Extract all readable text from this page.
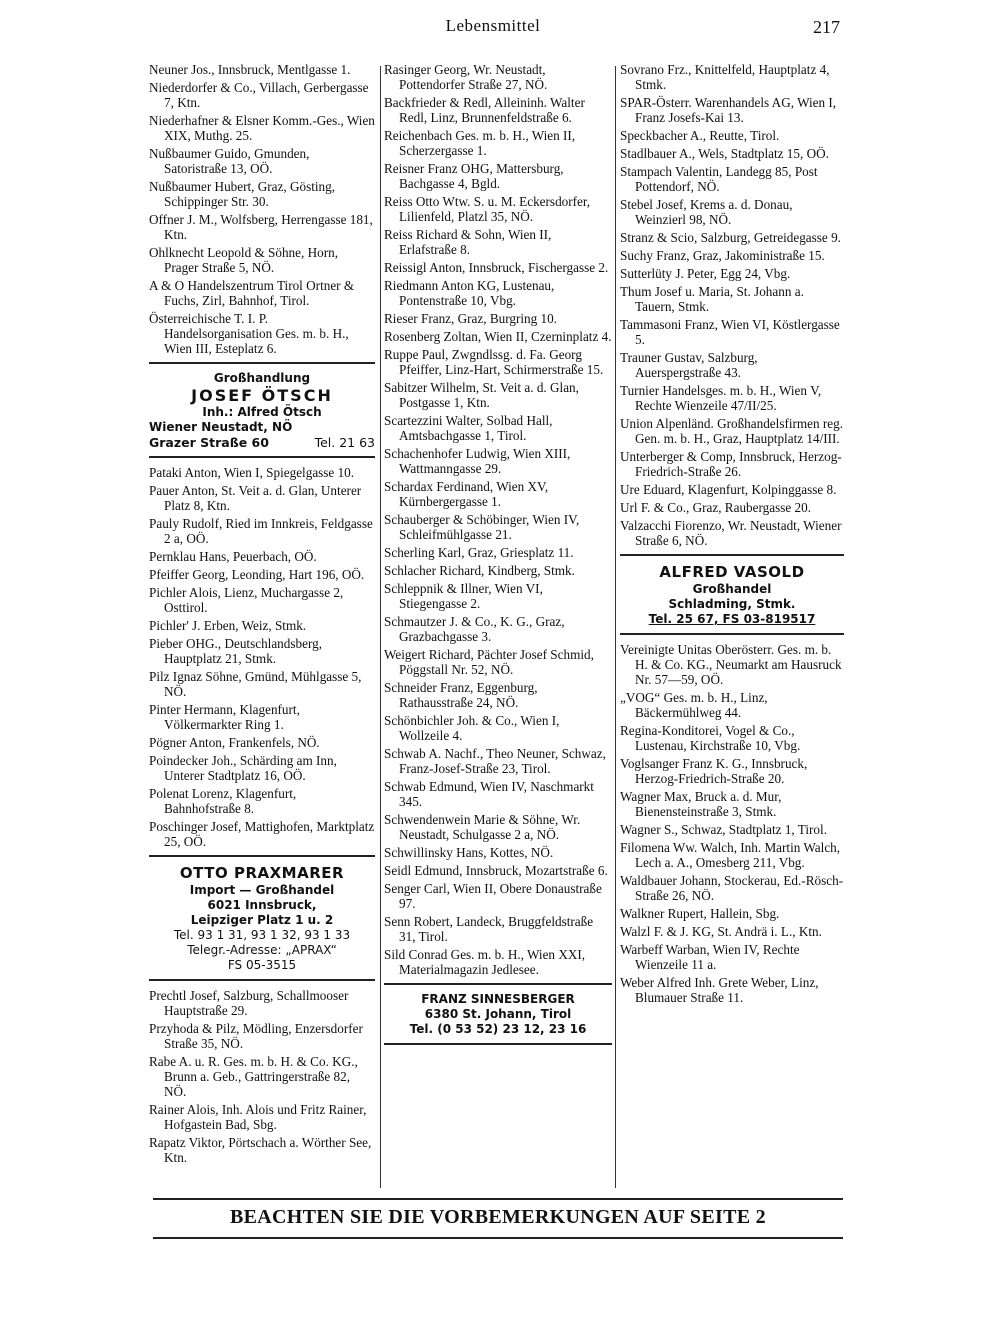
Lebensmittel	217
Neuner Jos., Innsbruck, Mentlgasse 1.
Niederdorfer & Co., Villach, Gerbergasse 7, Ktn.
Niederhafner & Elsner Komm.-Ges., Wien XIX, Muthg. 25.
Nußbaumer Guido, Gmunden, Satoristraße 13, OÖ.
Nußbaumer Hubert, Graz, Gösting, Schippinger Str. 30.
Offner J. M., Wolfsberg, Herrengasse 181, Ktn.
Ohlknecht Leopold & Söhne, Horn, Prager Straße 5, NÖ.
A & O Handelszentrum Tirol Ortner & Fuchs, Zirl, Bahnhof, Tirol.
Österreichische T. I. P. Handelsorganisation Ges. m. b. H., Wien III, Esteplatz 6.
Großhandlung
JOSEF ÖTSCH
Inh.: Alfred Ötsch
Wiener Neustadt, NÖ
Grazer Straße 60	Tel. 21 63
Pataki Anton, Wien I, Spiegelgasse 10.
Pauer Anton, St. Veit a. d. Glan, Unterer Platz 8, Ktn.
Pauly Rudolf, Ried im Innkreis, Feldgasse 2 a, OÖ.
Pernklau Hans, Peuerbach, OÖ.
Pfeiffer Georg, Leonding, Hart 196, OÖ.
Pichler Alois, Lienz, Muchargasse 2, Osttirol.
Pichler' J. Erben, Weiz, Stmk.
Pieber OHG., Deutschlandsberg, Hauptplatz 21, Stmk.
Pilz Ignaz Söhne, Gmünd, Mühlgasse 5, NÖ.
Pinter Hermann, Klagenfurt, Völkermarkter Ring 1.
Pögner Anton, Frankenfels, NÖ.
Poindecker Joh., Schärding am Inn, Unterer Stadtplatz 16, OÖ.
Polenat Lorenz, Klagenfurt, Bahnhofstraße 8.
Poschinger Josef, Mattighofen, Marktplatz 25, OÖ.
OTTO PRAXMARER
Import — Großhandel
6021 Innsbruck,
Leipziger Platz 1 u. 2
Tel. 93 1 31, 93 1 32, 93 1 33
Telegr.-Adresse: „APRAX“
FS 05-3515
Prechtl Josef, Salzburg, Schallmooser Hauptstraße 29.
Przyhoda & Pilz, Mödling, Enzersdorfer Straße 35, NÖ.
Rabe A. u. R. Ges. m. b. H. & Co. KG., Brunn a. Geb., Gattringerstraße 82, NÖ.
Rainer Alois, Inh. Alois und Fritz Rainer, Hofgastein Bad, Sbg.
Rapatz Viktor, Pörtschach a. Wörther See, Ktn.
Rasinger Georg, Wr. Neustadt, Pottendorfer Straße 27, NÖ.
Backfrieder & Redl, Alleininh. Walter Redl, Linz, Brunnenfeldstraße 6.
Reichenbach Ges. m. b. H., Wien II, Scherzergasse 1.
Reisner Franz OHG, Mattersburg, Bachgasse 4, Bgld.
Reiss Otto Wtw. S. u. M. Eckersdorfer, Lilienfeld, Platzl 35, NÖ.
Reiss Richard & Sohn, Wien II, Erlafstraße 8.
Reissigl Anton, Innsbruck, Fischergasse 2.
Riedmann Anton KG, Lustenau, Pontenstraße 10, Vbg.
Rieser Franz, Graz, Burgring 10.
Rosenberg Zoltan, Wien II, Czerninplatz 4.
Ruppe Paul, Zwgndlssg. d. Fa. Georg Pfeiffer, Linz-Hart, Schirmerstraße 15.
Sabitzer Wilhelm, St. Veit a. d. Glan, Postgasse 1, Ktn.
Scartezzini Walter, Solbad Hall, Amtsbachgasse 1, Tirol.
Schachenhofer Ludwig, Wien XIII, Wattmanngasse 29.
Schardax Ferdinand, Wien XV, Kürnbergergasse 1.
Schauberger & Schöbinger, Wien IV, Schleifmühlgasse 21.
Scherling Karl, Graz, Griesplatz 11.
Schlacher Richard, Kindberg, Stmk.
Schleppnik & Illner, Wien VI, Stiegengasse 2.
Schmautzer J. & Co., K. G., Graz, Grazbachgasse 3.
Weigert Richard, Pächter Josef Schmid, Pöggstall Nr. 52, NÖ.
Schneider Franz, Eggenburg, Rathausstraße 24, NÖ.
Schönbichler Joh. & Co., Wien I, Wollzeile 4.
Schwab A. Nachf., Theo Neuner, Schwaz, Franz-Josef-Straße 23, Tirol.
Schwab Edmund, Wien IV, Naschmarkt 345.
Schwendenwein Marie & Söhne, Wr. Neustadt, Schulgasse 2 a, NÖ.
Schwillinsky Hans, Kottes, NÖ.
Seidl Edmund, Innsbruck, Mozartstraße 6.
Senger Carl, Wien II, Obere Donaustraße 97.
Senn Robert, Landeck, Bruggfeldstraße 31, Tirol.
Sild Conrad Ges. m. b. H., Wien XXI, Materialmagazin Jedlesee.
FRANZ SINNESBERGER
6380 St. Johann, Tirol
Tel. (0 53 52) 23 12, 23 16
Sovrano Frz., Knittelfeld, Hauptplatz 4, Stmk.
SPAR-Österr. Warenhandels AG, Wien I, Franz Josefs-Kai 13.
Speckbacher A., Reutte, Tirol.
Stadlbauer A., Wels, Stadtplatz 15, OÖ.
Stampach Valentin, Landegg 85, Post Pottendorf, NÖ.
Stebel Josef, Krems a. d. Donau, Weinzierl 98, NÖ.
Stranz & Scio, Salzburg, Getreidegasse 9.
Suchy Franz, Graz, Jakoministraße 15.
Sutterlüty J. Peter, Egg 24, Vbg.
Thum Josef u. Maria, St. Johann a. Tauern, Stmk.
Tammasoni Franz, Wien VI, Köstlergasse 5.
Trauner Gustav, Salzburg, Auerspergstraße 43.
Turnier Handelsges. m. b. H., Wien V, Rechte Wienzeile 47/II/25.
Union Alpenländ. Großhandelsfirmen reg. Gen. m. b. H., Graz, Hauptplatz 14/III.
Unterberger & Comp, Innsbruck, Herzog-Friedrich-Straße 26.
Ure Eduard, Klagenfurt, Kolpinggasse 8.
Url F. & Co., Graz, Raubergasse 20.
Valzacchi Fiorenzo, Wr. Neustadt, Wiener Straße 6, NÖ.
ALFRED VASOLD
Großhandel
Schladming, Stmk.
Tel. 25 67, FS 03-819517
Vereinigte Unitas Oberösterr. Ges. m. b. H. & Co. KG., Neumarkt am Hausruck Nr. 57—59, OÖ.
„VOG“ Ges. m. b. H., Linz, Bäckermühlweg 44.
Regina-Konditorei, Vogel & Co., Lustenau, Kirchstraße 10, Vbg.
Voglsanger Franz K. G., Innsbruck, Herzog-Friedrich-Straße 20.
Wagner Max, Bruck a. d. Mur, Bienensteinstraße 3, Stmk.
Wagner S., Schwaz, Stadtplatz 1, Tirol.
Filomena Ww. Walch, Inh. Martin Walch, Lech a. A., Omesberg 211, Vbg.
Waldbauer Johann, Stockerau, Ed.-Rösch-Straße 26, NÖ.
Walkner Rupert, Hallein, Sbg.
Walzl F. & J. KG, St. Andrä i. L., Ktn.
Warbeff Warban, Wien IV, Rechte Wienzeile 11 a.
Weber Alfred Inh. Grete Weber, Linz, Blumauer Straße 11.
BEACHTEN SIE DIE VORBEMERKUNGEN AUF SEITE 2
